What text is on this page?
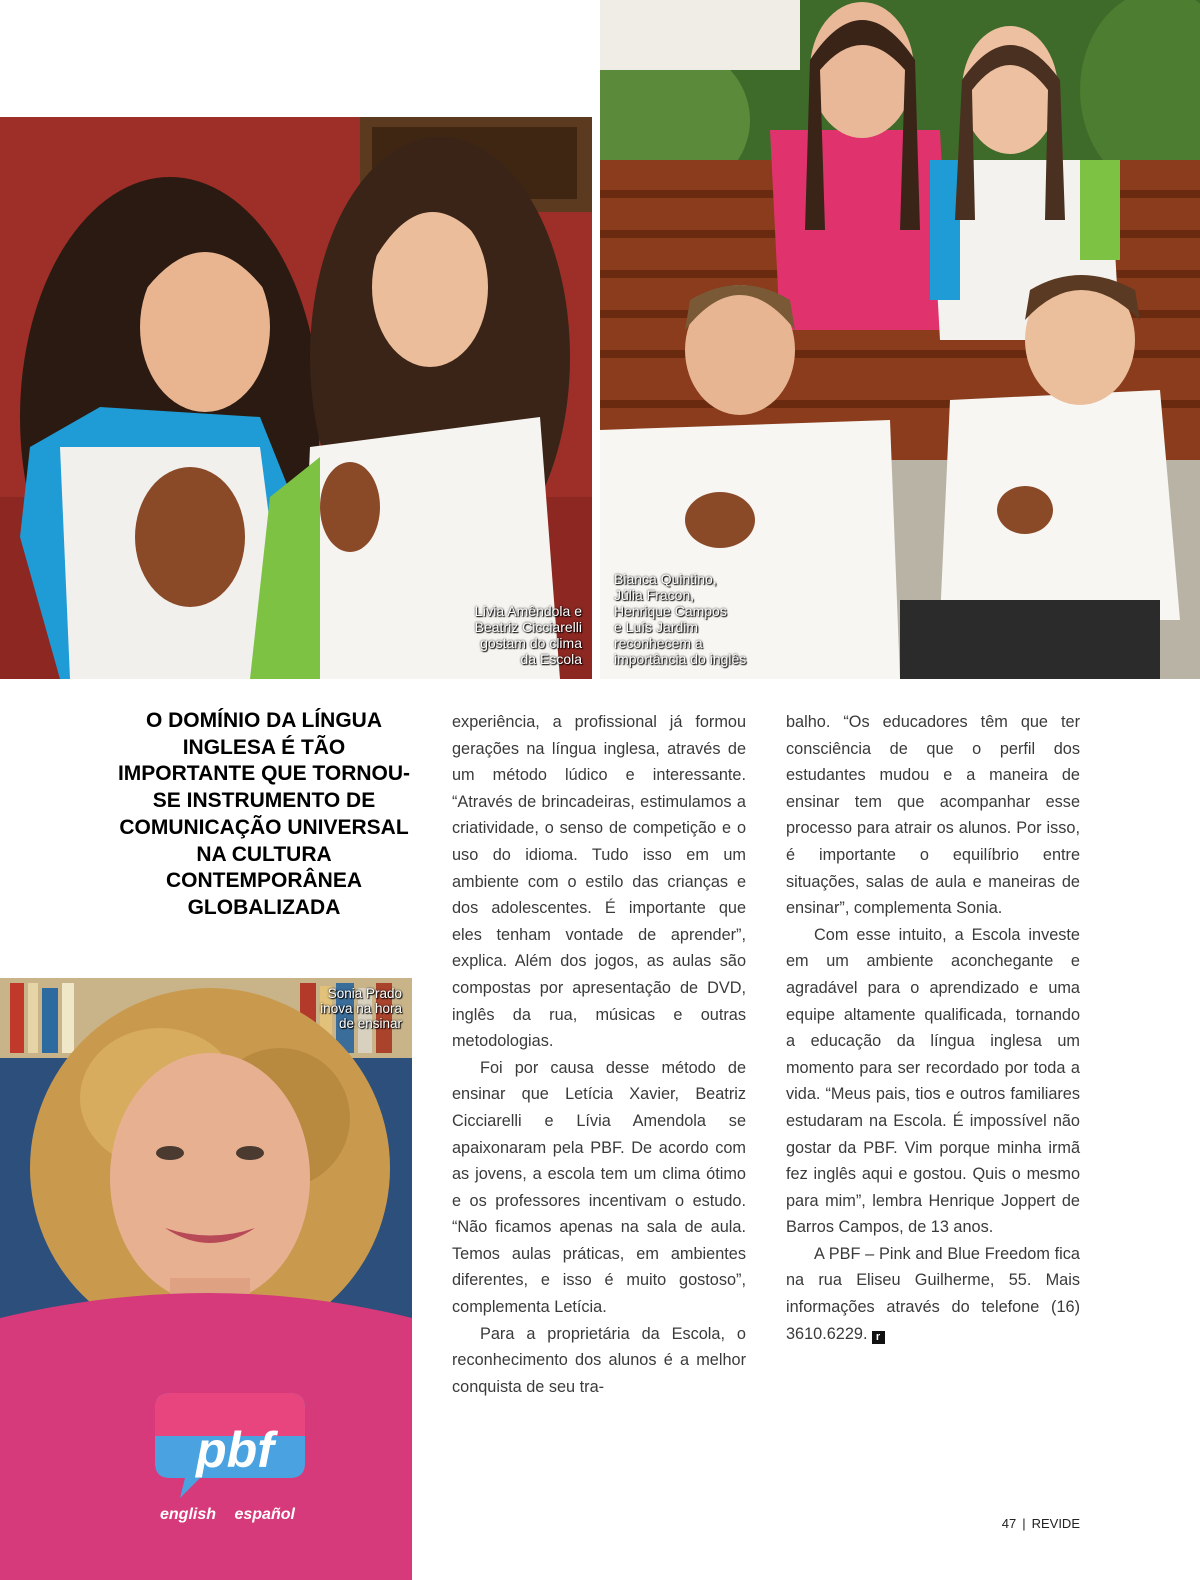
Lívia Amêndola e
Beatriz Cicciarelli
gostam do clima
da Escola
Bianca Quintino,
Júlia Fracon,
Henrique Campos
e Luís Jardim
reconhecem a
importância do inglês
O DOMÍNIO DA LÍNGUA INGLESA É TÃO IMPORTANTE QUE TORNOU-SE INSTRUMENTO DE COMUNICAÇÃO UNIVERSAL NA CULTURA CONTEMPORÂNEA GLOBALIZADA
pbf
english español
Sonia Prado
inova na hora
de ensinar

experiência, a profissional já formou gerações na língua inglesa, através de um método lúdico e interessante. “Através de brincadeiras, estimulamos a criatividade, o senso de competição e o uso do idioma. Tudo isso em um ambiente com o estilo das crianças e dos adolescentes. É importante que eles tenham vontade de aprender”, explica. Além dos jogos, as aulas são compostas por apresentação de DVD, inglês da rua, músicas e outras metodologias.

Foi por causa desse método de ensinar que Letícia Xavier, Beatriz Cicciarelli e Lívia Amendola se apaixonaram pela PBF. De acordo com as jovens, a escola tem um clima ótimo e os professores incentivam o estudo. “Não ficamos apenas na sala de aula. Temos aulas práticas, em ambientes diferentes, e isso é muito gostoso”, complementa Letícia.

Para a proprietária da Escola, o reconhecimento dos alunos é a melhor conquista de seu tra-

balho. “Os educadores têm que ter consciência de que o perfil dos estudantes mudou e a maneira de ensinar tem que acompanhar esse processo para atrair os alunos. Por isso, é importante o equilíbrio entre situações, salas de aula e maneiras de ensinar”, complementa Sonia.

Com esse intuito, a Escola investe em um ambiente aconchegante e agradável para o aprendizado e uma equipe altamente qualificada, tornando a educação da língua inglesa um momento para ser recordado por toda a vida. “Meus pais, tios e outros familiares estudaram na Escola. É impossível não gostar da PBF. Vim porque minha irmã fez inglês aqui e gostou. Quis o mesmo para mim”, lembra Henrique Joppert de Barros Campos, de 13 anos.

A PBF – Pink and Blue Freedom fica na rua Eliseu Guilherme, 55. Mais informações através do telefone (16) 3610.6229. r

47 | REVIDE
